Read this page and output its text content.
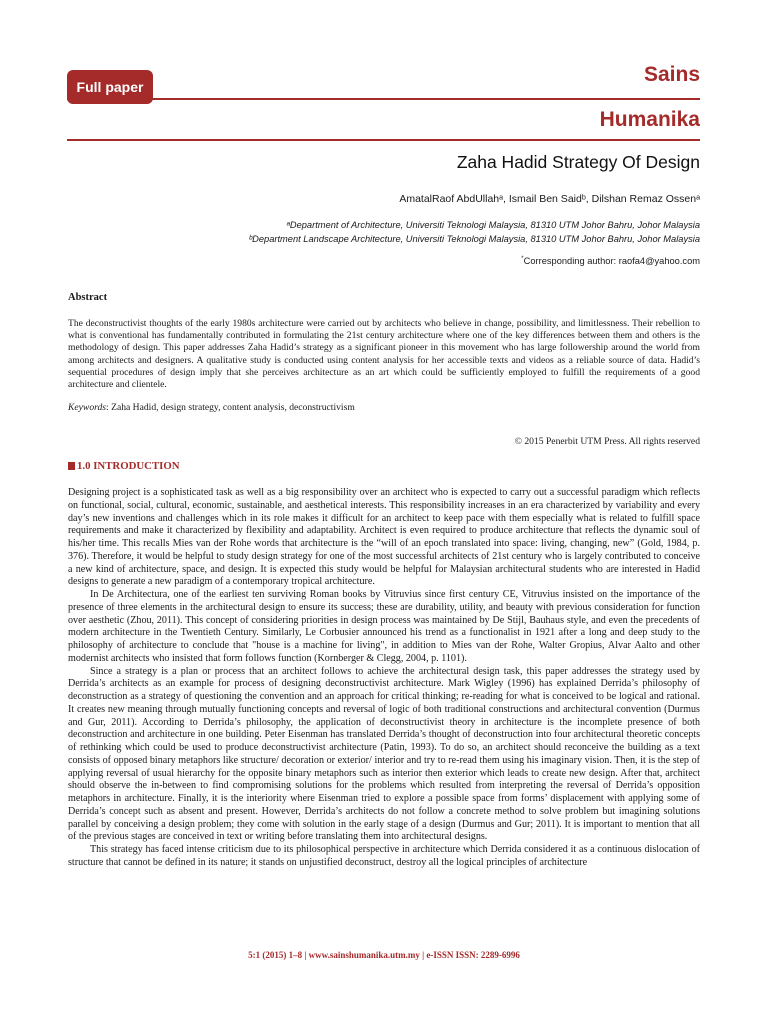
Full paper
Sains
Humanika
Zaha Hadid Strategy Of Design
AmatalRaof AbdUllahᵃ, Ismail Ben Saidᵇ, Dilshan Remaz Ossenᵃ
ᵃDepartment of Architecture, Universiti Teknologi Malaysia, 81310 UTM Johor Bahru, Johor Malaysia
ᵇDepartment Landscape Architecture, Universiti Teknologi Malaysia, 81310 UTM Johor Bahru, Johor Malaysia
*Corresponding author: raofa4@yahoo.com
Abstract

The deconstructivist thoughts of the early 1980s architecture were carried out by architects who believe in change, possibility, and limitlessness. Their rebellion to what is conventional has fundamentally contributed in formulating the 21st century architecture where one of the key differences between them and others is the methodology of design. This paper addresses Zaha Hadid’s strategy as a significant pioneer in this movement who has large followership around the world from among architects and designers. A qualitative study is conducted using content analysis for her accessible texts and videos as a reliable source of data. Hadid’s sequential procedures of design imply that she perceives architecture as an art which could be sufficiently employed to fulfill the requirements of a good architecture and clientele.

Keywords: Zaha Hadid, design strategy, content analysis, deconstructivism
© 2015 Penerbit UTM Press. All rights reserved
1.0 INTRODUCTION

Designing project is a sophisticated task as well as a big responsibility over an architect who is expected to carry out a successful paradigm which reflects on functional, social, cultural, economic, sustainable, and aesthetical interests. This responsibility increases in an era characterized by variability and every day’s new inventions and challenges which in its role makes it difficult for an architect to keep pace with them especially what is related to fulfill space requirements and make it characterized by flexibility and adaptability. Architect is even required to produce architecture that reflects the dynamic soul of his/her time. This recalls Mies van der Rohe words that architecture is the “will of an epoch translated into space: living, changing, new” (Gold, 1984, p. 376). Therefore, it would be helpful to study design strategy for one of the most successful architects of 21st century who is largely contributed to conceive a new kind of architecture, space, and design. It is expected this study would be helpful for Malaysian architectural students who are interested in Hadid designs to generate a new paradigm of a contemporary tropical architecture.

In De Architectura, one of the earliest ten surviving Roman books by Vitruvius since first century CE, Vitruvius insisted on the importance of the presence of three elements in the architectural design to ensure its success; these are durability, utility, and beauty with previous consideration for function over aesthetic (Zhou, 2011). This concept of considering priorities in design process was maintained by De Stijl, Bauhaus style, and even the precedents of modern architecture in the Twentieth Century. Similarly, Le Corbusier announced his trend as a functionalist in 1921 after a long and deep study to the philosophy of architecture to conclude that "house is a machine for living", in addition to Mies van der Rohe, Walter Gropius, Alvar Aalto and other modernist architects who insisted that form follows function (Kornberger & Clegg, 2004, p. 1101).

Since a strategy is a plan or process that an architect follows to achieve the architectural design task, this paper addresses the strategy used by Derrida’s architects as an example for process of designing deconstructivist architecture. Mark Wigley (1996) has explained Derrida’s philosophy of deconstruction as a strategy of questioning the convention and an approach for critical thinking; re-reading for what is conceived to be logical and rational. It creates new meaning through mutually functioning concepts and reversal of logic of both traditional constructions and architectural convention (Durmus and Gur, 2011). According to Derrida’s philosophy, the application of deconstructivist theory in architecture is the incomplete presence of both deconstruction and architecture in one building. Peter Eisenman has translated Derrida’s thought of deconstruction into four architectural theoretic concepts of rethinking which could be used to produce deconstructivist architecture (Patin, 1993). To do so, an architect should reconceive the building as a text consists of opposed binary metaphors like structure/ decoration or exterior/ interior and try to re-read them using his imaginary vision. Then, it is the step of applying reversal of usual hierarchy for the opposite binary metaphors such as interior then exterior which leads to create new design. After that, architect should observe the in-between to find compromising solutions for the problems which resulted from interpreting the reversal of Derrida’s opposition metaphors in architecture. Finally, it is the interiority where Eisenman tried to explore a possible space from forms’ displacement with applying some of Derrida’s concept such as absent and present. However, Derrida’s architects do not follow a concrete method to solve problem but imagining solutions parallel by conceiving a design problem; they come with solution in the early stage of a design (Durmus and Gur; 2011). It is important to mention that all of the previous stages are conceived in text or writing before translating them into architectural designs.

This strategy has faced intense criticism due to its philosophical perspective in architecture which Derrida considered it as a continuous dislocation of structure that cannot be defined in its nature; it stands on unjustified deconstruct, destroy all the logical principles of architecture

5:1 (2015) 1–8 | www.sainshumanika.utm.my | e-ISSN ISSN: 2289-6996
